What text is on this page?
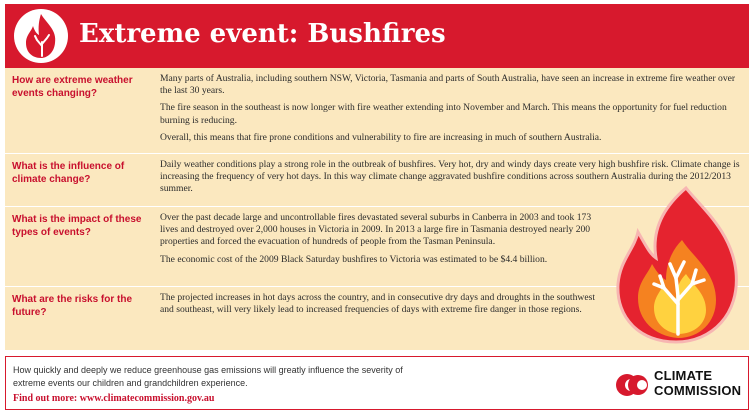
Extreme event: Bushfires
How are extreme weather events changing?

Many parts of Australia, including southern NSW, Victoria, Tasmania and parts of South Australia, have seen an increase in extreme fire weather over the last 30 years.

The fire season in the southeast is now longer with fire weather extending into November and March. This means the opportunity for fuel reduction burning is reducing.

Overall, this means that fire prone conditions and vulnerability to fire are increasing in much of southern Australia.

What is the influence of climate change?

Daily weather conditions play a strong role in the outbreak of bushfires. Very hot, dry and windy days create very high bushfire risk. Climate change is increasing the frequency of very hot days. In this way climate change aggravated bushfire conditions across southern Australia during the 2012/2013 summer.

What is the impact of these types of events?

Over the past decade large and uncontrollable fires devastated several suburbs in Canberra in 2003 and took 173 lives and destroyed over 2,000 houses in Victoria in 2009. In 2013 a large fire in Tasmania destroyed nearly 200 properties and forced the evacuation of hundreds of people from the Tasman Peninsula.

The economic cost of the 2009 Black Saturday bushfires to Victoria was estimated to be $4.4 billion.

What are the risks for the future?

The projected increases in hot days across the country, and in consecutive dry days and droughts in the southwest and southeast, will very likely lead to increased frequencies of days with extreme fire danger in those regions.

How quickly and deeply we reduce greenhouse gas emissions will greatly influence the severity of extreme events our children and grandchildren experience.
Find out more: www.climatecommission.gov.au
CLIMATE
COMMISSION
